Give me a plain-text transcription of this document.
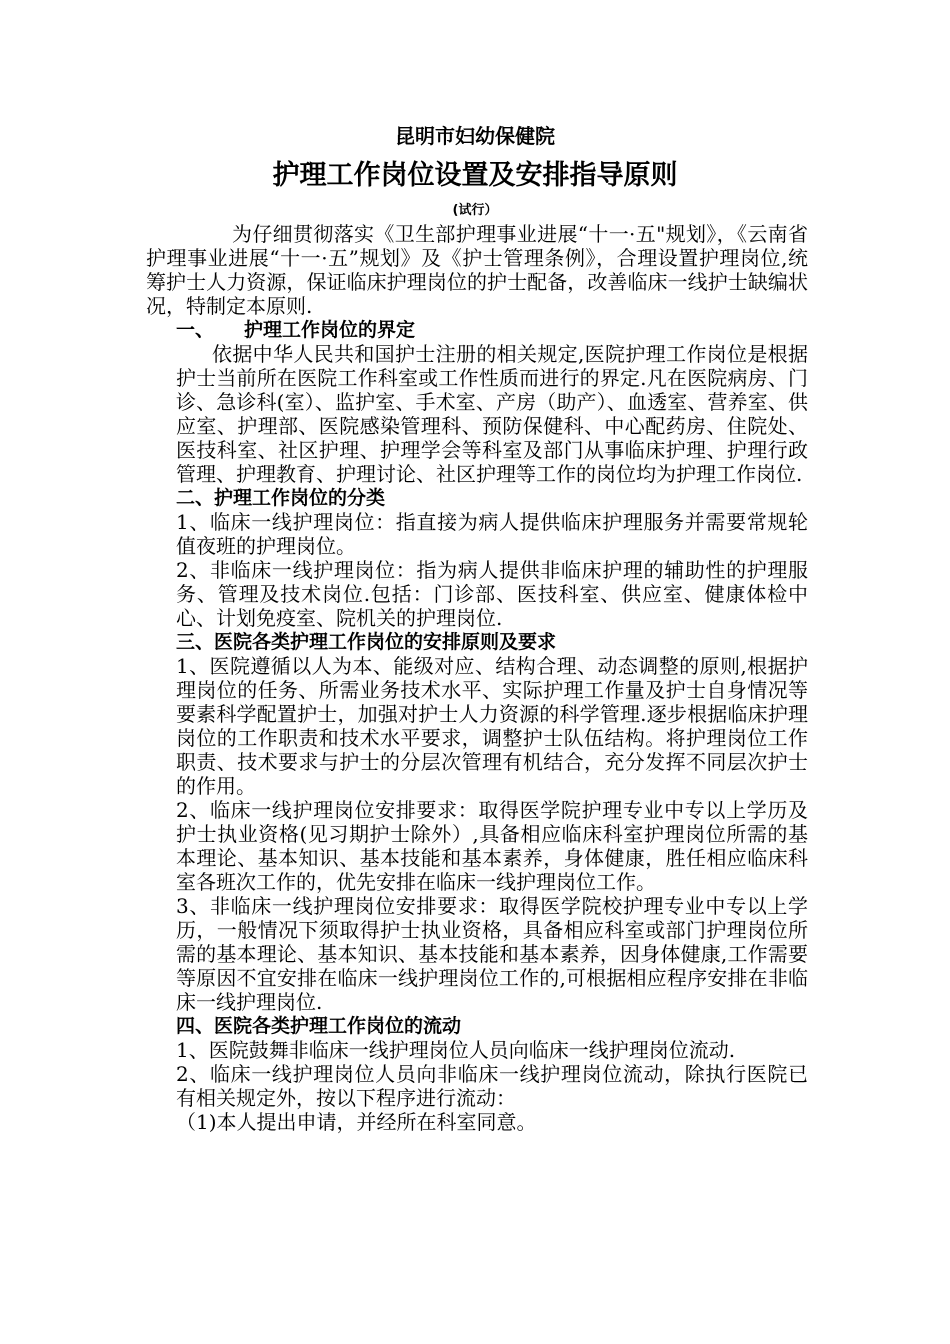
昆明市妇幼保健院
护理工作岗位设置及安排指导原则
(试行）

为仔细贯彻落实《卫生部护理事业进展“十一·五"规划》，《云南省护理事业进展“十一·五”规划》及《护士管理条例》，合理设置护理岗位,统筹护士人力资源，保证临床护理岗位的护士配备，改善临床一线护士缺编状况，特制定本原则.

一、 护理工作岗位的界定

依据中华人民共和国护士注册的相关规定,医院护理工作岗位是根据护士当前所在医院工作科室或工作性质而进行的界定.凡在医院病房、门诊、急诊科(室）、监护室、手术室、产房（助产）、血透室、营养室、供应室、护理部、医院感染管理科、预防保健科、中心配药房、住院处、医技科室、社区护理、护理学会等科室及部门从事临床护理、护理行政管理、护理教育、护理讨论、社区护理等工作的岗位均为护理工作岗位.

二、护理工作岗位的分类

1、临床一线护理岗位：指直接为病人提供临床护理服务并需要常规轮值夜班的护理岗位。

2、非临床一线护理岗位：指为病人提供非临床护理的辅助性的护理服务、管理及技术岗位.包括：门诊部、医技科室、供应室、健康体检中心、计划免疫室、院机关的护理岗位.

三、医院各类护理工作岗位的安排原则及要求

1、医院遵循以人为本、能级对应、结构合理、动态调整的原则,根据护理岗位的任务、所需业务技术水平、实际护理工作量及护士自身情况等要素科学配置护士，加强对护士人力资源的科学管理.逐步根据临床护理岗位的工作职责和技术水平要求，调整护士队伍结构。将护理岗位工作职责、技术要求与护士的分层次管理有机结合，充分发挥不同层次护士的作用。

2、临床一线护理岗位安排要求：取得医学院护理专业中专以上学历及护士执业资格(见习期护士除外）,具备相应临床科室护理岗位所需的基本理论、基本知识、基本技能和基本素养，身体健康，胜任相应临床科室各班次工作的，优先安排在临床一线护理岗位工作。

3、非临床一线护理岗位安排要求：取得医学院校护理专业中专以上学历，一般情况下须取得护士执业资格，具备相应科室或部门护理岗位所需的基本理论、基本知识、基本技能和基本素养，因身体健康,工作需要等原因不宜安排在临床一线护理岗位工作的,可根据相应程序安排在非临床一线护理岗位.

四、医院各类护理工作岗位的流动

1、医院鼓舞非临床一线护理岗位人员向临床一线护理岗位流动.

2、临床一线护理岗位人员向非临床一线护理岗位流动，除执行医院已有相关规定外，按以下程序进行流动：

（1)本人提出申请，并经所在科室同意。
